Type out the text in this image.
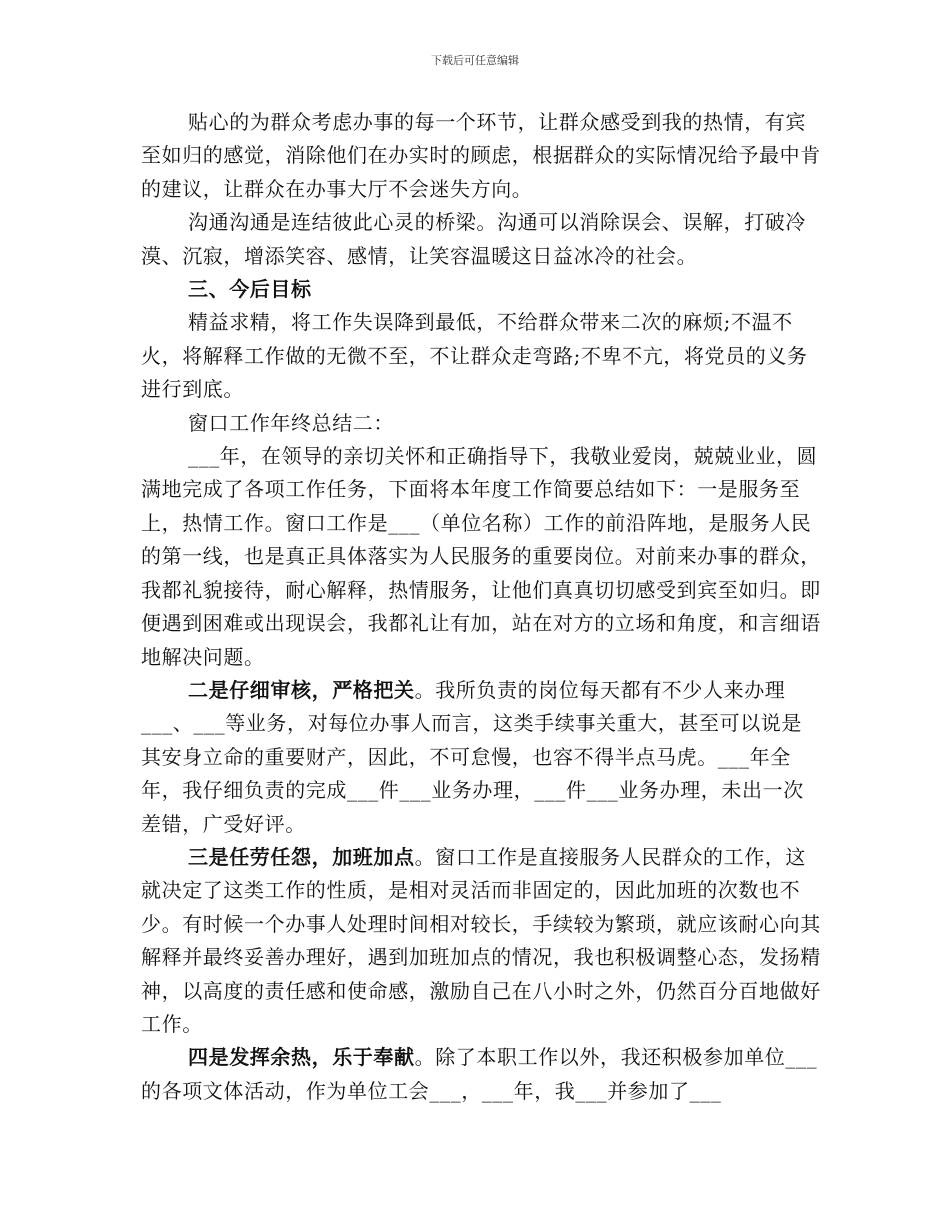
下载后可任意编辑

贴心的为群众考虑办事的每一个环节，让群众感受到我的热情，有宾至如归的感觉，消除他们在办实时的顾虑，根据群众的实际情况给予最中肯的建议，让群众在办事大厅不会迷失方向。

沟通沟通是连结彼此心灵的桥梁。沟通可以消除误会、误解，打破冷漠、沉寂，增添笑容、感情，让笑容温暖这日益冰冷的社会。

三、今后目标

精益求精，将工作失误降到最低，不给群众带来二次的麻烦;不温不火，将解释工作做的无微不至，不让群众走弯路;不卑不亢，将党员的义务进行到底。

窗口工作年终总结二：

___年，在领导的亲切关怀和正确指导下，我敬业爱岗，兢兢业业，圆满地完成了各项工作任务，下面将本年度工作简要总结如下：一是服务至上，热情工作。窗口工作是___（单位名称）工作的前沿阵地，是服务人民的第一线，也是真正具体落实为人民服务的重要岗位。对前来办事的群众，我都礼貌接待，耐心解释，热情服务，让他们真真切切感受到宾至如归。即便遇到困难或出现误会，我都礼让有加，站在对方的立场和角度，和言细语地解决问题。

二是仔细审核，严格把关。我所负责的岗位每天都有不少人来办理___、___等业务，对每位办事人而言，这类手续事关重大，甚至可以说是其安身立命的重要财产，因此，不可怠慢，也容不得半点马虎。___年全年，我仔细负责的完成___件___业务办理，___件___业务办理，未出一次差错，广受好评。

三是任劳任怨，加班加点。窗口工作是直接服务人民群众的工作，这就决定了这类工作的性质，是相对灵活而非固定的，因此加班的次数也不少。有时候一个办事人处理时间相对较长，手续较为繁琐，就应该耐心向其解释并最终妥善办理好，遇到加班加点的情况，我也积极调整心态，发扬精神，以高度的责任感和使命感，激励自己在八小时之外，仍然百分百地做好工作。

四是发挥余热，乐于奉献。除了本职工作以外，我还积极参加单位___的各项文体活动，作为单位工会___，___年，我___并参加了___
